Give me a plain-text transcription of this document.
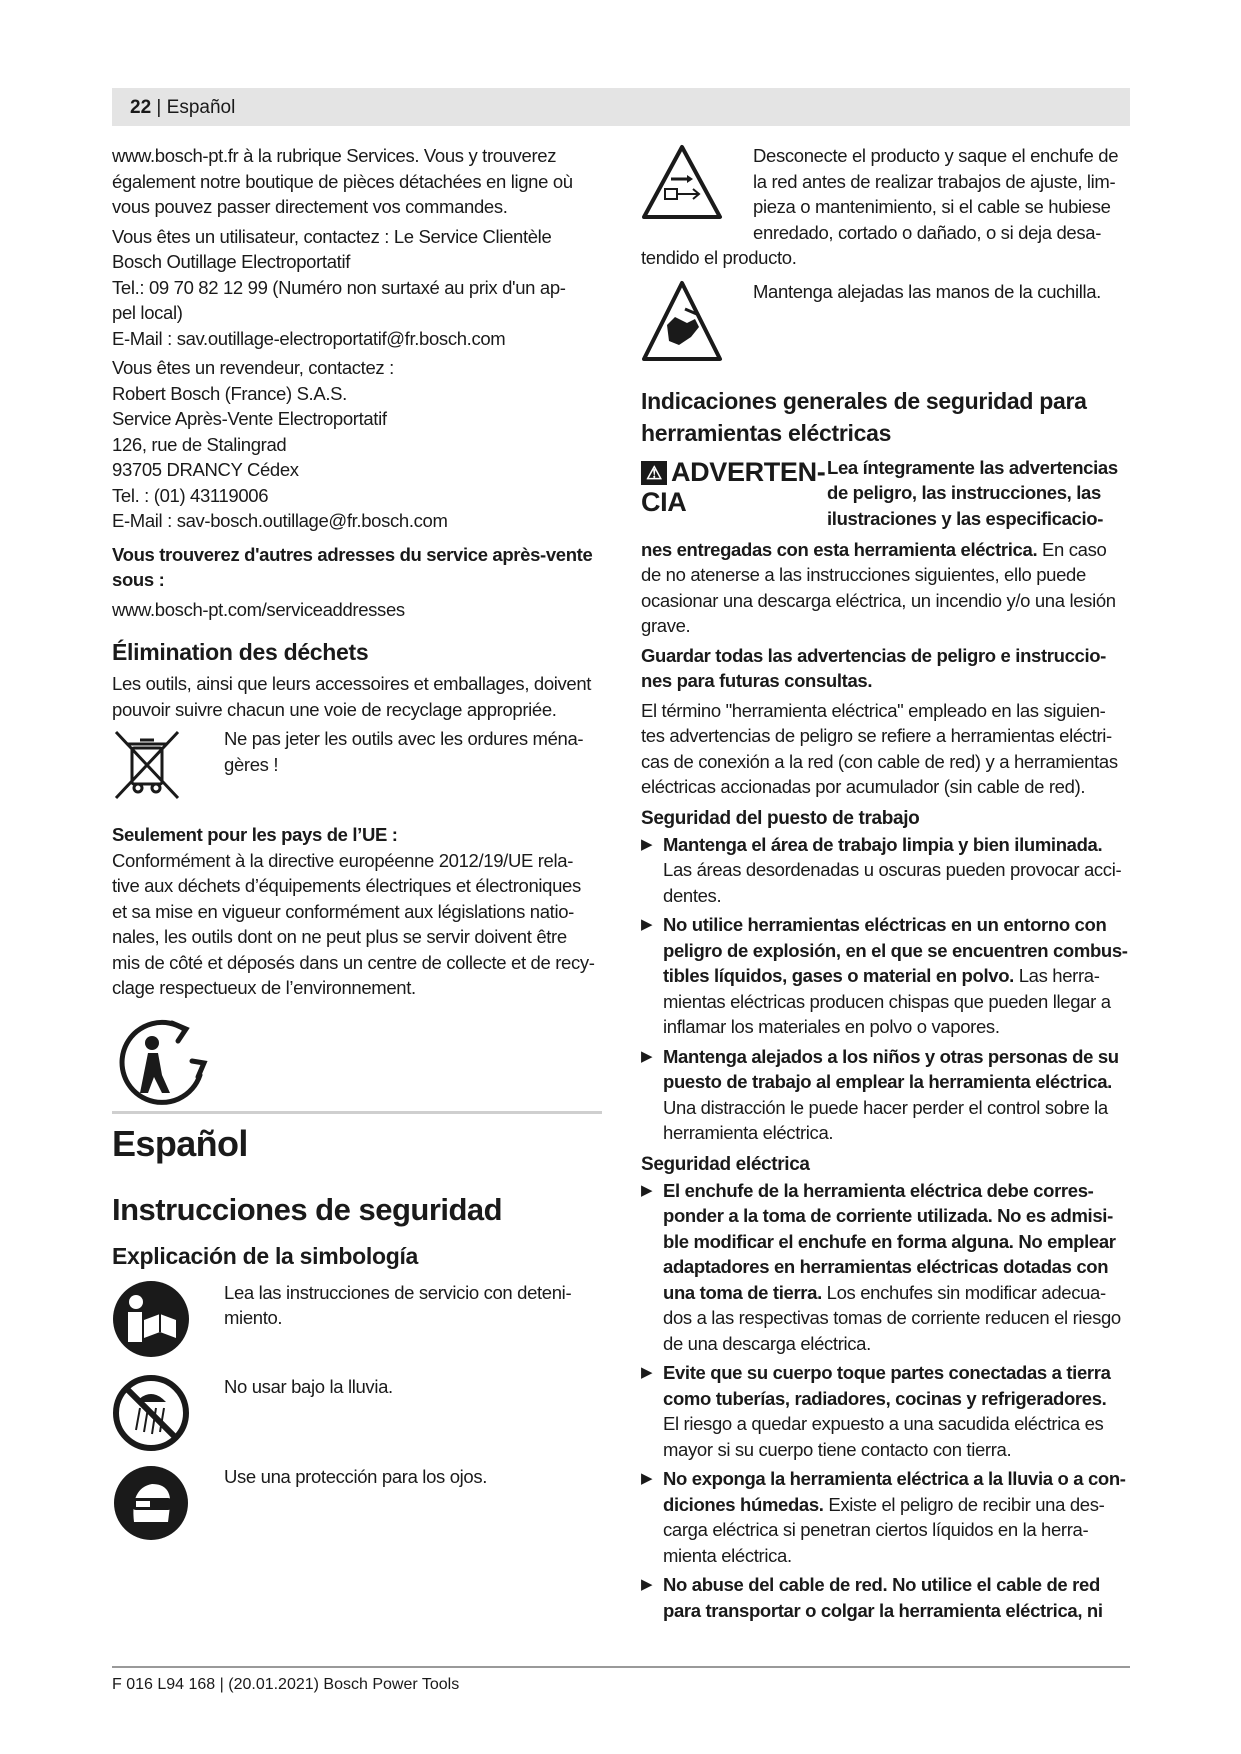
22 | Español

www.bosch-pt.fr à la rubrique Services. Vous y trouverez
également notre boutique de pièces détachées en ligne où
vous pouvez passer directement vos commandes.

Vous êtes un utilisateur, contactez : Le Service Clientèle
Bosch Outillage Electroportatif
Tel.: 09 70 82 12 99 (Numéro non surtaxé au prix d'un ap-
pel local)
E-Mail : sav.outillage-electroportatif@fr.bosch.com

Vous êtes un revendeur, contactez :
Robert Bosch (France) S.A.S.
Service Après-Vente Electroportatif
126, rue de Stalingrad
93705 DRANCY Cédex
Tel. : (01) 43119006
E-Mail : sav-bosch.outillage@fr.bosch.com

Vous trouverez d'autres adresses du service après-vente
sous :

www.bosch-pt.com/serviceaddresses

Élimination des déchets

Les outils, ainsi que leurs accessoires et emballages, doivent
pouvoir suivre chacun une voie de recyclage appropriée.

Ne pas jeter les outils avec les ordures ména-
gères !
Seulement pour les pays de l’UE :

Conformément à la directive européenne 2012/19/UE rela-
tive aux déchets d’équipements électriques et électroniques
et sa mise en vigueur conformément aux législations natio-
nales, les outils dont on ne peut plus se servir doivent être
mis de côté et déposés dans un centre de collecte et de recy-
clage respectueux de l’environnement.

Español
Instrucciones de seguridad
Explicación de la simbología
Lea las instrucciones de servicio con deteni-
miento.
No usar bajo la lluvia.
Use una protección para los ojos.
Desconecte el producto y saque el enchufe de
la red antes de realizar trabajos de ajuste, lim-
pieza o mantenimiento, si el cable se hubiese
enredado, cortado o dañado, o si deja desa-
tendido el producto.
Mantenga alejadas las manos de la cuchilla.
Indicaciones generales de seguridad para
herramientas eléctricas
⚠ ADVERTEN-
CIA
Lea íntegramente las advertencias
de peligro, las instrucciones, las
ilustraciones y las especificacio-

nes entregadas con esta herramienta eléctrica. En caso
de no atenerse a las instrucciones siguientes, ello puede
ocasionar una descarga eléctrica, un incendio y/o una lesión
grave.

Guardar todas las advertencias de peligro e instruccio-
nes para futuras consultas.

El término "herramienta eléctrica" empleado en las siguien-
tes advertencias de peligro se refiere a herramientas eléctri-
cas de conexión a la red (con cable de red) y a herramientas
eléctricas accionadas por acumulador (sin cable de red).

Seguridad del puesto de trabajo
▶ Mantenga el área de trabajo limpia y bien iluminada.
Las áreas desordenadas u oscuras pueden provocar acci-
dentes.
▶ No utilice herramientas eléctricas en un entorno con
peligro de explosión, en el que se encuentren combus-
tibles líquidos, gases o material en polvo. Las herra-
mientas eléctricas producen chispas que pueden llegar a
inflamar los materiales en polvo o vapores.
▶ Mantenga alejados a los niños y otras personas de su
puesto de trabajo al emplear la herramienta eléctrica.
Una distracción le puede hacer perder el control sobre la
herramienta eléctrica.
Seguridad eléctrica
▶ El enchufe de la herramienta eléctrica debe corres-
ponder a la toma de corriente utilizada. No es admisi-
ble modificar el enchufe en forma alguna. No emplear
adaptadores en herramientas eléctricas dotadas con
una toma de tierra. Los enchufes sin modificar adecua-
dos a las respectivas tomas de corriente reducen el riesgo
de una descarga eléctrica.
▶ Evite que su cuerpo toque partes conectadas a tierra
como tuberías, radiadores, cocinas y refrigeradores.
El riesgo a quedar expuesto a una sacudida eléctrica es
mayor si su cuerpo tiene contacto con tierra.
▶ No exponga la herramienta eléctrica a la lluvia o a con-
diciones húmedas. Existe el peligro de recibir una des-
carga eléctrica si penetran ciertos líquidos en la herra-
mienta eléctrica.
▶ No abuse del cable de red. No utilice el cable de red
para transportar o colgar la herramienta eléctrica, ni
F 016 L94 168 | (20.01.2021) Bosch Power Tools
